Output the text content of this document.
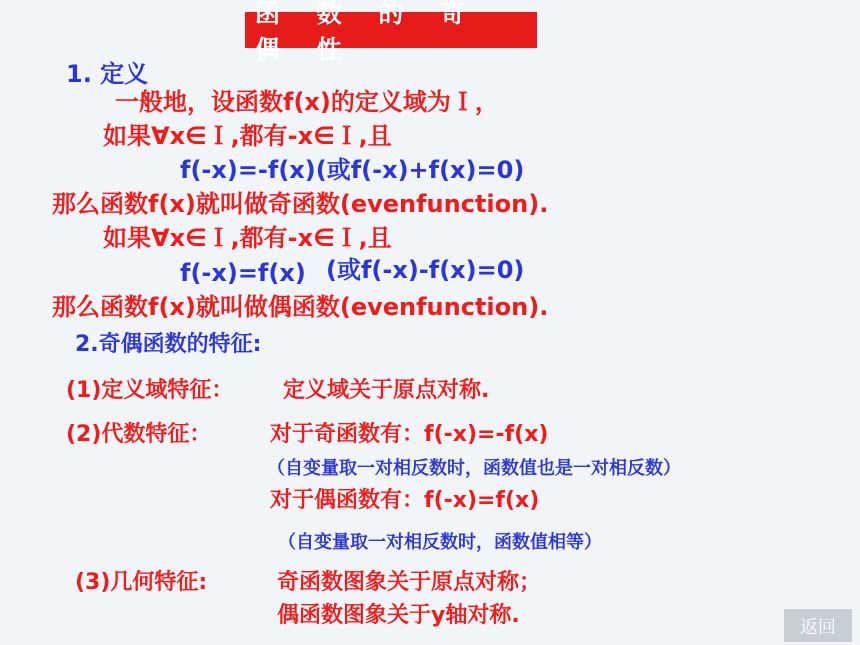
函 数 的 奇 偶 性
1. 定义
一般地，设函数f(x)的定义域为Ｉ，
如果∀x∈Ｉ,都有-x∈Ｉ,且
f(-x)=-f(x)(或f(-x)+f(x)=0)
那么函数f(x)就叫做奇函数(evenfunction).
如果∀x∈Ｉ,都有-x∈Ｉ,且
f(-x)=f(x) (或f(-x)-f(x)=0)
那么函数f(x)就叫做偶函数(evenfunction).
2.奇偶函数的特征:
(1)定义域特征： 定义域关于原点对称.
(2)代数特征：	对于奇函数有：f(-x)=-f(x)
（自变量取一对相反数时，函数值也是一对相反数）
对于偶函数有：f(-x)=f(x)
（自变量取一对相反数时，函数值相等）
(3)几何特征:	奇函数图象关于原点对称；
偶函数图象关于y轴对称.	返回
